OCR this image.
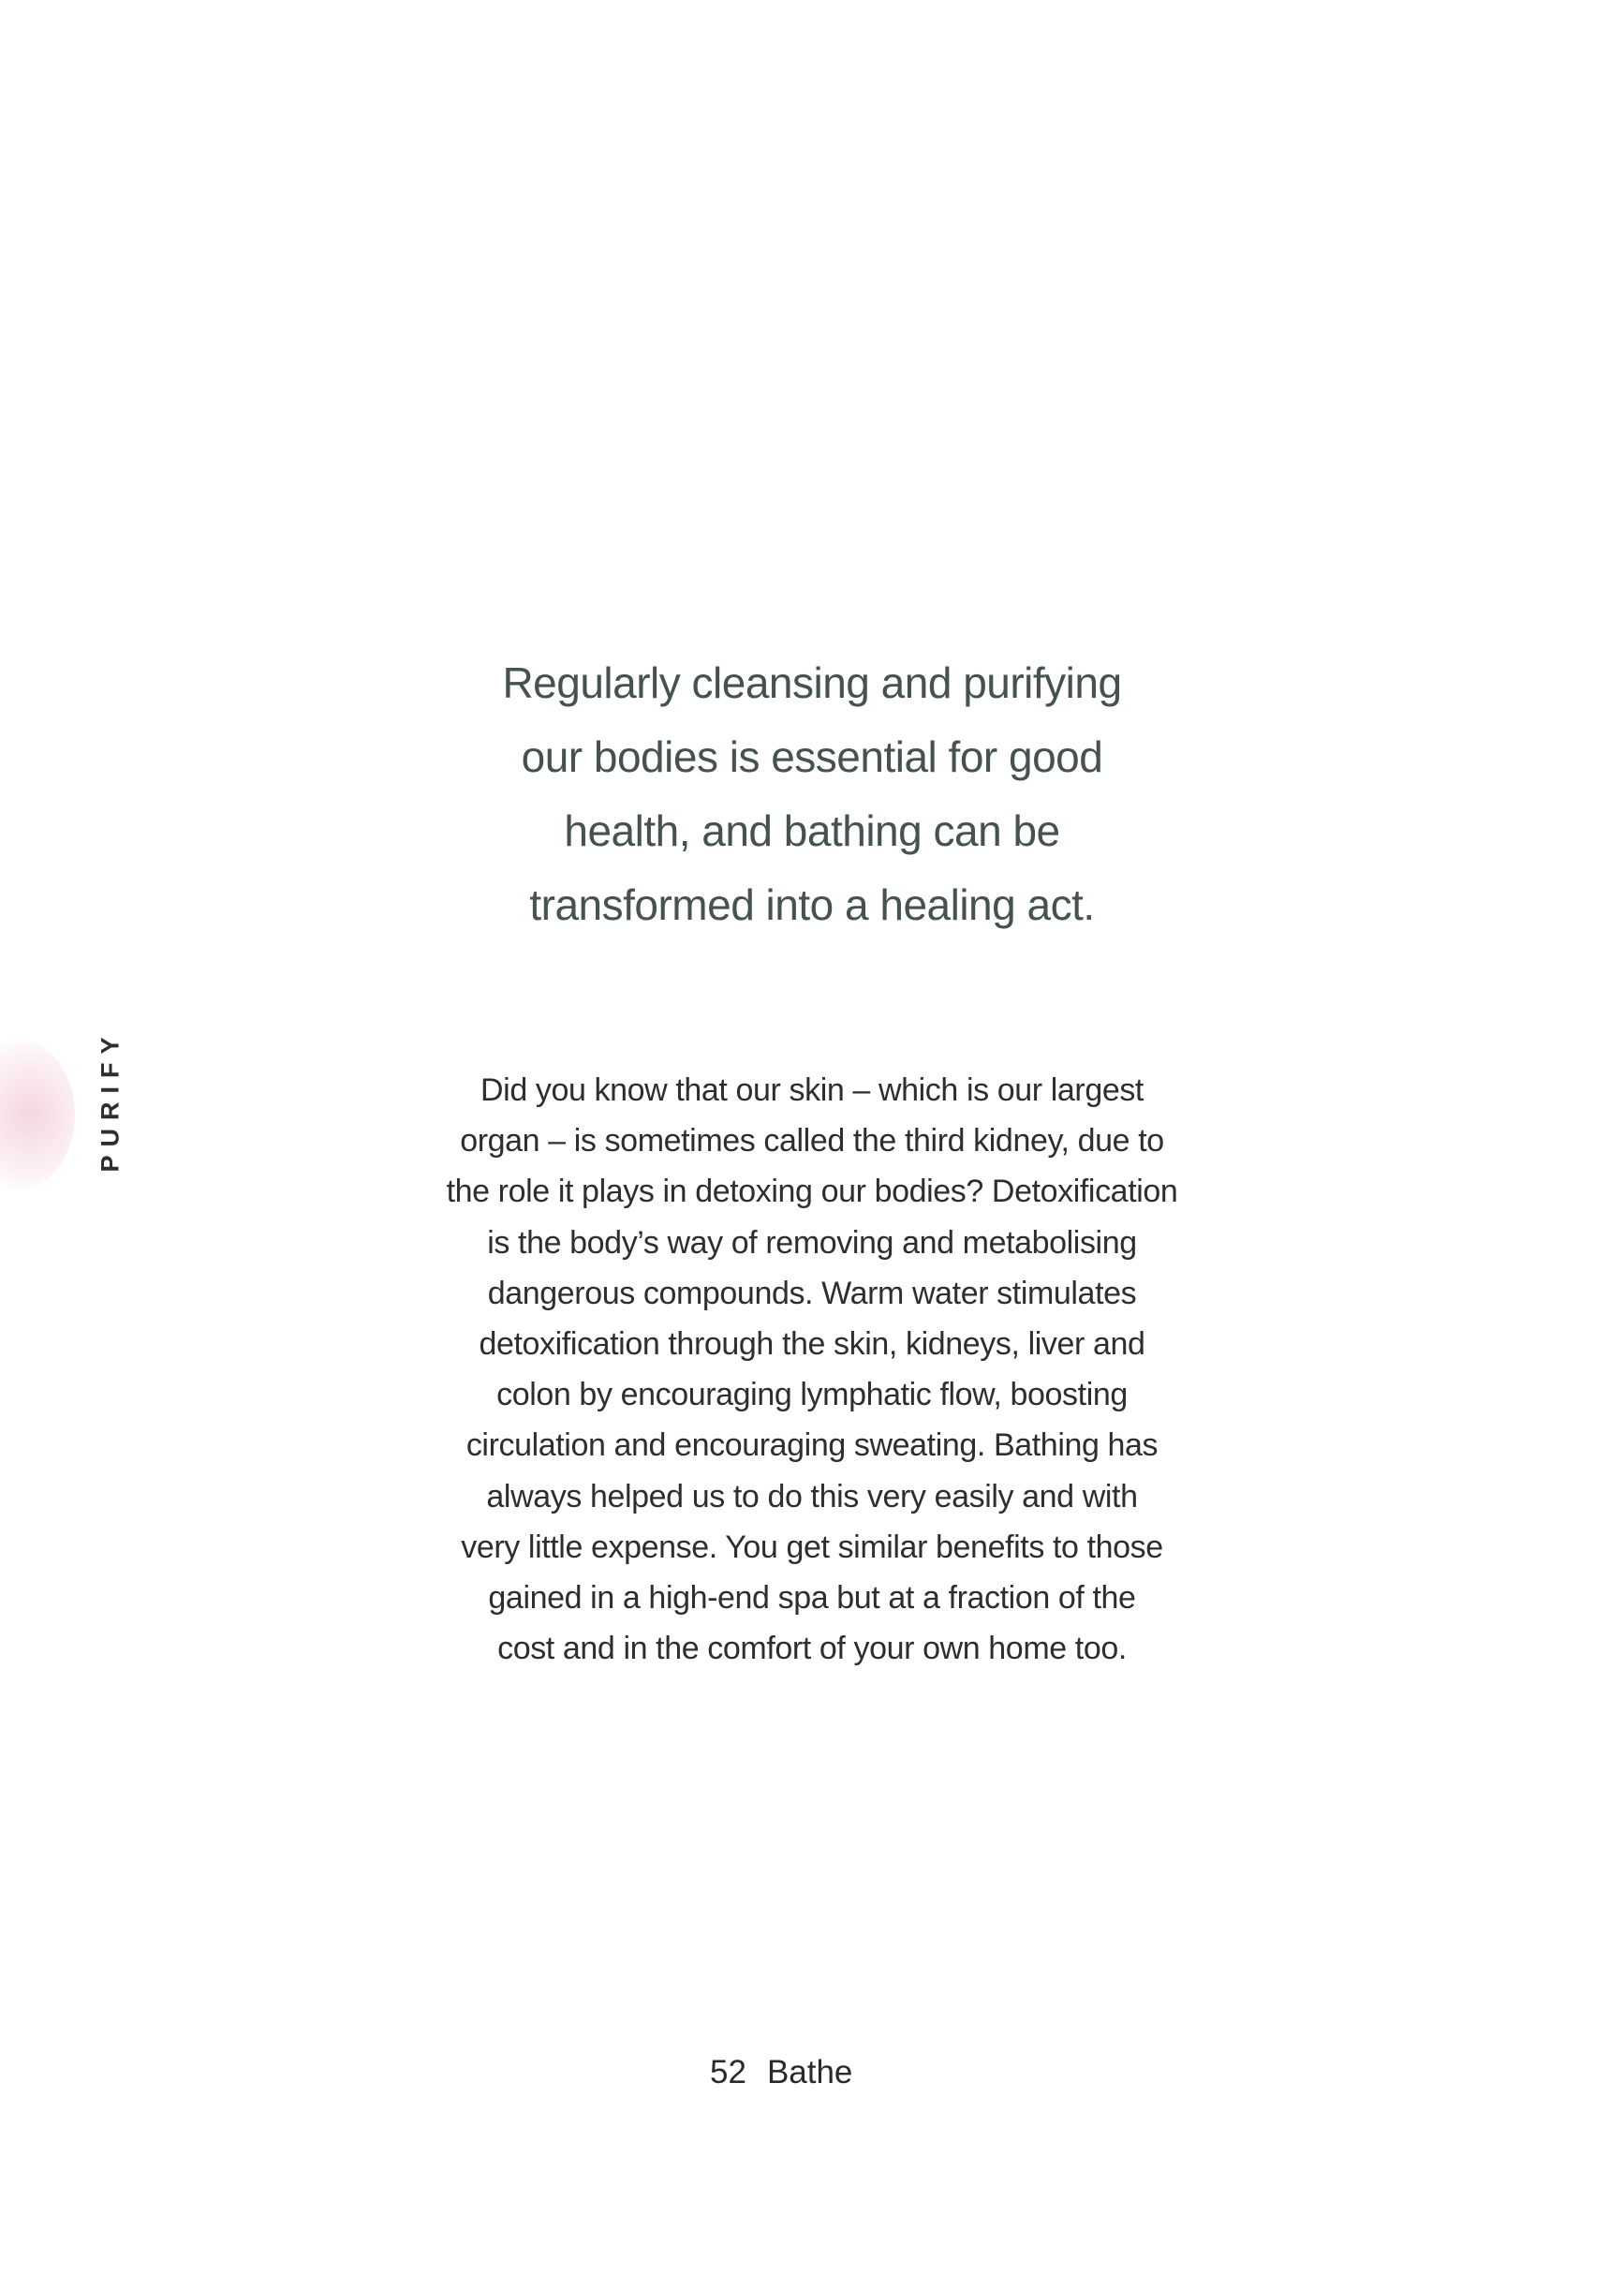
PURIFY
Regularly cleansing and purifying
our bodies is essential for good
health, and bathing can be
transformed into a healing act.
Did you know that our skin – which is our largest
organ – is sometimes called the third kidney, due to
the role it plays in detoxing our bodies? Detoxification
is the body’s way of removing and metabolising
dangerous compounds. Warm water stimulates
detoxification through the skin, kidneys, liver and
colon by encouraging lymphatic flow, boosting
circulation and encouraging sweating. Bathing has
always helped us to do this very easily and with
very little expense. You get similar benefits to those
gained in a high-end spa but at a fraction of the
cost and in the comfort of your own home too.
52 Bathe
